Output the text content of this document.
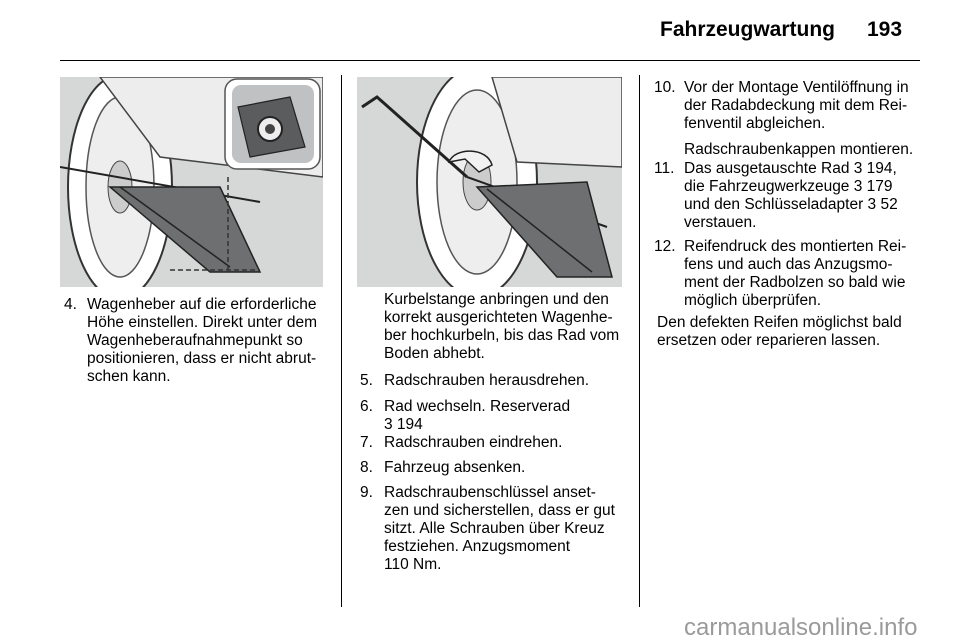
Fahrzeugwartung 193
4. Wagenheber auf die erforderliche
Höhe einstellen. Direkt unter dem
Wagenheberaufnahmepunkt so
positionieren, dass er nicht abrut-
schen kann.
Kurbelstange anbringen und den
korrekt ausgerichteten Wagenhe-
ber hochkurbeln, bis das Rad vom
Boden abhebt.
5. Radschrauben herausdrehen.
6. Rad wechseln. Reserverad
3 194
7. Radschrauben eindrehen.
8. Fahrzeug absenken.
9. Radschraubenschlüssel anset-
zen und sicherstellen, dass er gut
sitzt. Alle Schrauben über Kreuz
festziehen. Anzugsmoment
110 Nm.
10. Vor der Montage Ventilöffnung in
der Radabdeckung mit dem Rei-
fenventil abgleichen.
Radschraubenkappen montieren.
11. Das ausgetauschte Rad 3 194,
die Fahrzeugwerkzeuge 3 179
und den Schlüsseladapter 3 52
verstauen.
12. Reifendruck des montierten Rei-
fens und auch das Anzugsmo-
ment der Radbolzen so bald wie
möglich überprüfen.
Den defekten Reifen möglichst bald
ersetzen oder reparieren lassen.
carmanualsonline.info
